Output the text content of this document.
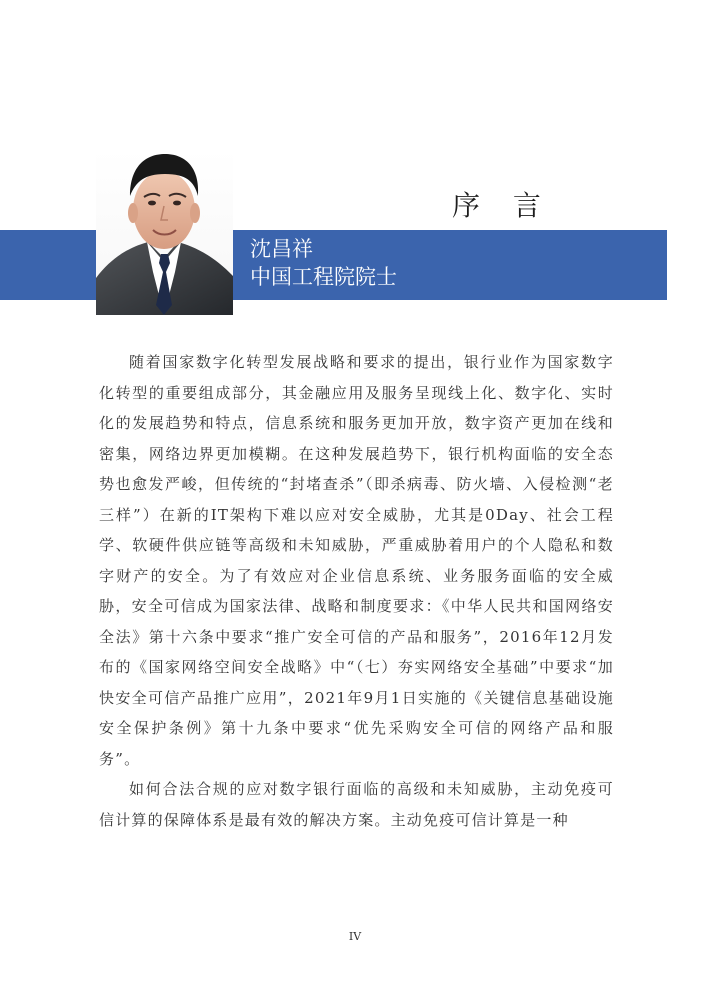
序 言
沈昌祥
中国工程院院士

随着国家数字化转型发展战略和要求的提出，银行业作为国家数字化转型的重要组成部分，其金融应用及服务呈现线上化、数字化、实时化的发展趋势和特点，信息系统和服务更加开放，数字资产更加在线和密集，网络边界更加模糊。在这种发展趋势下，银行机构面临的安全态势也愈发严峻，但传统的“封堵查杀”（即杀病毒、防火墙、入侵检测“老三样”）在新的IT架构下难以应对安全威胁，尤其是0Day、社会工程学、软硬件供应链等高级和未知威胁，严重威胁着用户的个人隐私和数字财产的安全。为了有效应对企业信息系统、业务服务面临的安全威胁，安全可信成为国家法律、战略和制度要求：《中华人民共和国网络安全法》第十六条中要求“推广安全可信的产品和服务”，2016年12月发布的《国家网络空间安全战略》中“（七）夯实网络安全基础”中要求“加快安全可信产品推广应用”，2021年9月1日实施的《关键信息基础设施安全保护条例》第十九条中要求“优先采购安全可信的网络产品和服务”。

如何合法合规的应对数字银行面临的高级和未知威胁，主动免疫可信计算的保障体系是最有效的解决方案。主动免疫可信计算是一种

IV
